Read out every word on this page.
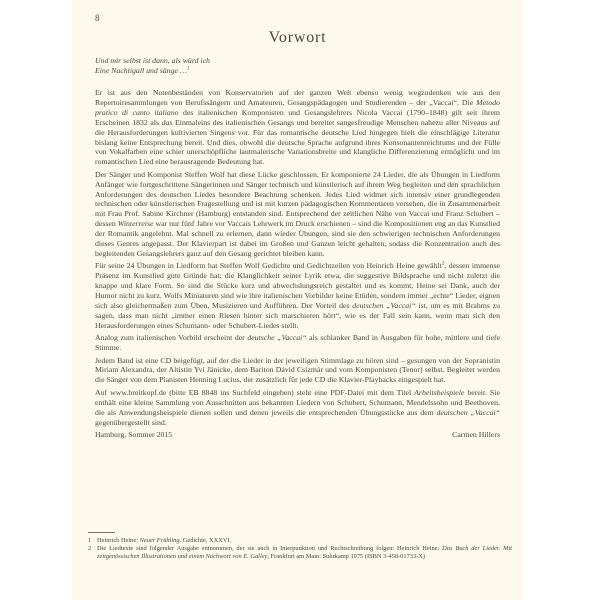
8
Vorwort
Und mir selbst ist dann, als würd ich
Eine Nachtigall und sänge …$^1$

Er ist aus den Notenbeständen von Konservatorien auf der ganzen Welt ebenso wenig wegzudenken wie aus den Repertoiresammlungen von Berufssängern und Amateuren, Gesangspädagogen und Studierenden – der „Vaccai“. Die Metodo pratico di canto italiano des italienischen Komponisten und Gesangslehrers Nicola Vaccai (1790–1848) gilt seit ihrem Erscheinen 1832 als das Einmaleins des italienischen Gesangs und bereitet sangesfreudige Menschen nahezu aller Niveaus auf die Herausforderungen kultivierten Singens vor. Für das romantische deutsche Lied hingegen hielt die einschlägige Literatur bislang keine Entsprechung bereit. Und dies, obwohl die deutsche Sprache aufgrund ihres Konsonantenreichtums und der Fülle von Vokalfarben eine schier unerschöpfliche lautmalerische Variationsbreite und klangliche Differenzierung ermöglicht und im romantischen Lied eine herausragende Bedeutung hat.

Der Sänger und Komponist Steffen Wolf hat diese Lücke geschlossen. Er komponierte 24 Lieder, die als Übungen in Liedform Anfänger wie fortgeschrittene Sängerinnen und Sänger technisch und künstlerisch auf ihrem Weg begleiten und den sprachlichen Anforderungen des deutschen Liedes besondere Beachtung schenken. Jedes Lied widmet sich intensiv einer grundlegenden technischen oder künstlerischen Fragestellung und ist mit kurzen pädagogischen Kommentaren versehen, die in Zusammenarbeit mit Frau Prof. Sabine Kirchner (Hamburg) entstanden sind. Entsprechend der zeitlichen Nähe von Vaccai und Franz Schubert – dessen Winterreise war nur fünf Jahre vor Vaccais Lehrwerk im Druck erschienen – sind die Kompositionen eng an das Kunstlied der Romantik angelehnt. Mal schnell zu erlernen, dann wieder Übungen, sind sie den schwierigen technischen Anforderungen dieses Genres angepasst. Der Klavierpart ist dabei im Großen und Ganzen leicht gehalten, sodass die Konzentration auch des begleitenden Gesangslehrers ganz auf den Gesang gerichtet bleiben kann.

Für seine 24 Übungen in Liedform hat Steffen Wolf Gedichte und Gedichtzeilen von Heinrich Heine gewählt$^2$, dessen immense Präsenz im Kunstlied gute Gründe hat: die Klanglichkeit seiner Lyrik etwa, die suggestive Bildsprache und nicht zuletzt die knappe und klare Form. So sind die Stücke kurz und abwechslungsreich gestaltet und es kommt, Heine sei Dank, auch der Humor nicht zu kurz. Wolfs Miniaturen sind wie ihre italienischen Vorbilder keine Etüden, sondern immer „echte“ Lieder, eignen sich also gleichermaßen zum Üben, Musizieren und Aufführen. Der Vorteil des deutschen „Vaccai“ ist, um es mit Brahms zu sagen, dass man nicht „immer einen Riesen hinter sich marschieren hört“, wie es der Fall sein kann, wenn man sich den Herausforderungen eines Schumann- oder Schubert-Liedes stellt.

Analog zum italienischen Vorbild erscheint der deutsche „Vaccai“ als schlanker Band in Ausgaben für hohe, mittlere und tiefe Stimme.

Jedem Band ist eine CD beigefügt, auf der die Lieder in der jeweiligen Stimmlage zu hören sind – gesungen von der Sopranistin Miriam Alexandra, der Altistin Yvi Jänicke, dem Bariton Dávid Csizmár und vom Komponisten (Tenor) selbst. Begleitet werden die Sänger von dem Pianisten Henning Lucius, der zusätzlich für jede CD die Klavier-Playbacks eingespielt hat.

Auf www.breitkopf.de (bitte EB 8848 ins Suchfeld eingeben) steht eine PDF-Datei mit dem Titel Arbeitsbeispiele bereit. Sie enthält eine kleine Sammlung von Ausschnitten aus bekannten Liedern von Schubert, Schumann, Mendelssohn und Beethoven, die als Anwendungsbeispiele dienen sollen und denen jeweils die entsprechenden Übungsstücke aus dem deutschen „Vaccai“ gegenübergestellt sind.

Hamburg, Sommer 2015	Carmen Hillers
1 Heinrich Heine: Neuer Frühling. Gedichte, XXXVI.
2 Die Liedtexte sind folgender Ausgabe entnommen, der sie auch in Interpunktion und Rechtschreibung folgen: Heinrich Heine: Das Buch der Lieder. Mit zeitgenössischen Illustrationen und einem Nachwort von E. Galley, Frankfurt am Main: Suhrkamp 1975 (ISBN 3-458-01733-X)
